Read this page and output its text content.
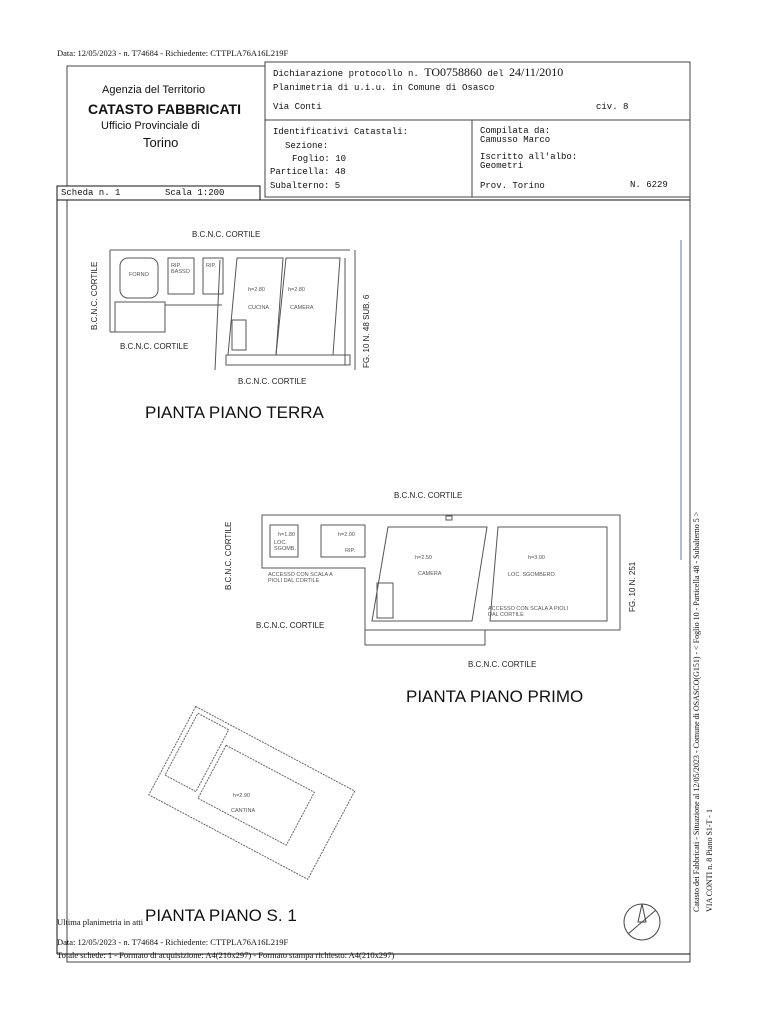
Data: 12/05/2023 - n. T74684 - Richiedente: CTTPLA76A16L219F
Agenzia del Territorio
CATASTO FABBRICATI
Ufficio Provinciale di
Torino
Dichiarazione protocollo n. TO0758860 del 24/11/2010
Planimetria di u.i.u. in Comune di Osasco
Via Conti	civ. 8
Identificativi Catastali:
Sezione:
Foglio: 10
Particella: 48
Subalterno: 5
Compilata da:
Camusso Marco
Iscritto all'albo:
Geometri
Prov. Torino	N. 6229
Scheda n. 1	Scala 1:200
B.C.N.C. CORTILE
B.C.N.C. CORTILE
B.C.N.C. CORTILE
B.C.N.C. CORTILE
FG. 10 N. 48 SUB. 6
FORNO
RIP. BASSO
RIP.
h=2.80
CUCINA
h=2.80
CAMERA
PIANTA PIANO TERRA
B.C.N.C. CORTILE
B.C.N.C. CORTILE
B.C.N.C. CORTILE
B.C.N.C. CORTILE
FG. 10 N. 251
h=1.80
LOC. SGOMB.
h=2.00
RIP.
h=2.50
CAMERA
h=3.00
LOC. SGOMBERO
ACCESSO CON SCALA A PIOLI DAL CORTILE
ACCESSO CON SCALA A PIOLI DAL CORTILE
PIANTA PIANO PRIMO
h=2.90
CANTINA
Ultima planimetria in atti PIANTA PIANO S. 1
Data: 12/05/2023 - n. T74684 - Richiedente: CTTPLA76A16L219F
Totale schede: 1 - Formato di acquisizione: A4(210x297) - Formato stampa richiesto: A4(210x297)
Catasto dei Fabbricati - Situazione al 12/05/2023 - Comune di OSASCO(G151) - < Foglio 10 - Particella 48 - Subalterno 5 > VIA CONTI n. 8 Piano S1-T - 1
